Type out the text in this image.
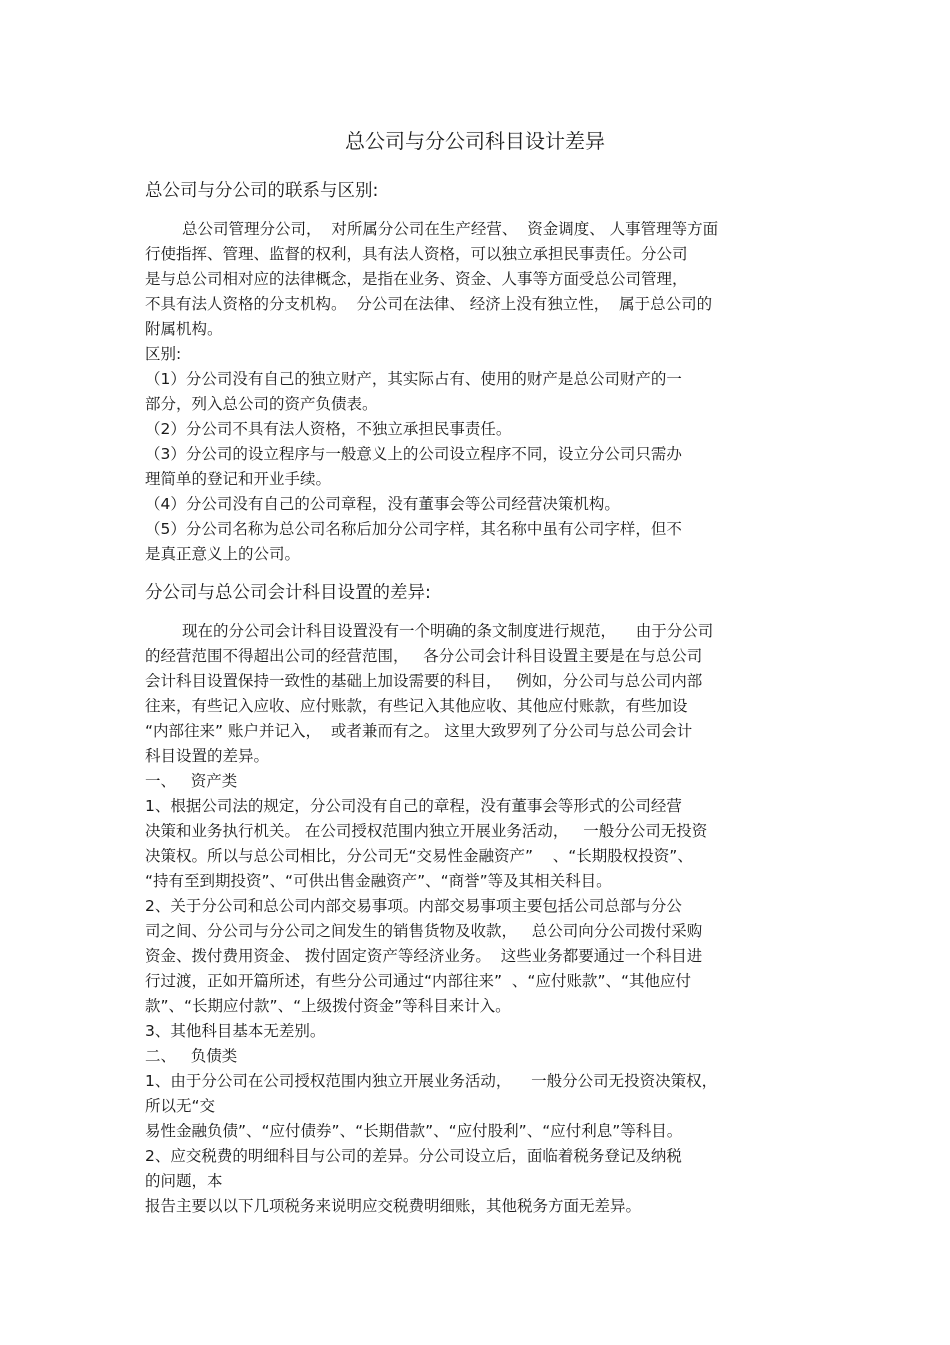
总公司与分公司科目设计差异
总公司与分公司的联系与区别:
总公司管理分公司，  对所属分公司在生产经营、  资金调度、 人事管理等方面
行使指挥、管理、监督的权利，具有法人资格，可以独立承担民事责任。分公司
是与总公司相对应的法律概念，是指在业务、资金、人事等方面受总公司管理，
不具有法人资格的分支机构。  分公司在法律、 经济上没有独立性，  属于总公司的
附属机构。
区别:
（1）分公司没有自己的独立财产，其实际占有、使用的财产是总公司财产的一
部分，列入总公司的资产负债表。
（2）分公司不具有法人资格，不独立承担民事责任。
（3）分公司的设立程序与一般意义上的公司设立程序不同，设立分公司只需办
理简单的登记和开业手续。
（4）分公司没有自己的公司章程，没有董事会等公司经营决策机构。
（5）分公司名称为总公司名称后加分公司字样，其名称中虽有公司字样，但不
是真正意义上的公司。
分公司与总公司会计科目设置的差异:
现在的分公司会计科目设置没有一个明确的条文制度进行规范，    由于分公司
的经营范围不得超出公司的经营范围，   各分公司会计科目设置主要是在与总公司
会计科目设置保持一致性的基础上加设需要的科目，   例如，分公司与总公司内部
往来，有些记入应收、应付账款，有些记入其他应收、其他应付账款，有些加设
“内部往来” 账户并记入，  或者兼而有之。 这里大致罗列了分公司与总公司会计
科目设置的差异。
一、   资产类
1、根据公司法的规定，分公司没有自己的章程，没有董事会等形式的公司经营
决策和业务执行机关。 在公司授权范围内独立开展业务活动，   一般分公司无投资
决策权。所以与总公司相比，分公司无“交易性金融资产”    、“长期股权投资”、
“持有至到期投资”、“可供出售金融资产”、“商誉”等及其相关科目。
2、关于分公司和总公司内部交易事项。内部交易事项主要包括公司总部与分公
司之间、分公司与分公司之间发生的销售货物及收款，   总公司向分公司拨付采购
资金、拨付费用资金、 拨付固定资产等经济业务。  这些业务都要通过一个科目进
行过渡，正如开篇所述，有些分公司通过“内部往来”  、“应付账款”、“其他应付
款”、“长期应付款”、“上级拨付资金”等科目来计入。
3、其他科目基本无差别。
二、   负债类
1、由于分公司在公司授权范围内独立开展业务活动，    一般分公司无投资决策权，
所以无“交
易性金融负债”、“应付债券”、“长期借款”、“应付股利”、“应付利息”等科目。
2、应交税费的明细科目与公司的差异。分公司设立后，面临着税务登记及纳税
的问题，本
报告主要以以下几项税务来说明应交税费明细账，其他税务方面无差异。
